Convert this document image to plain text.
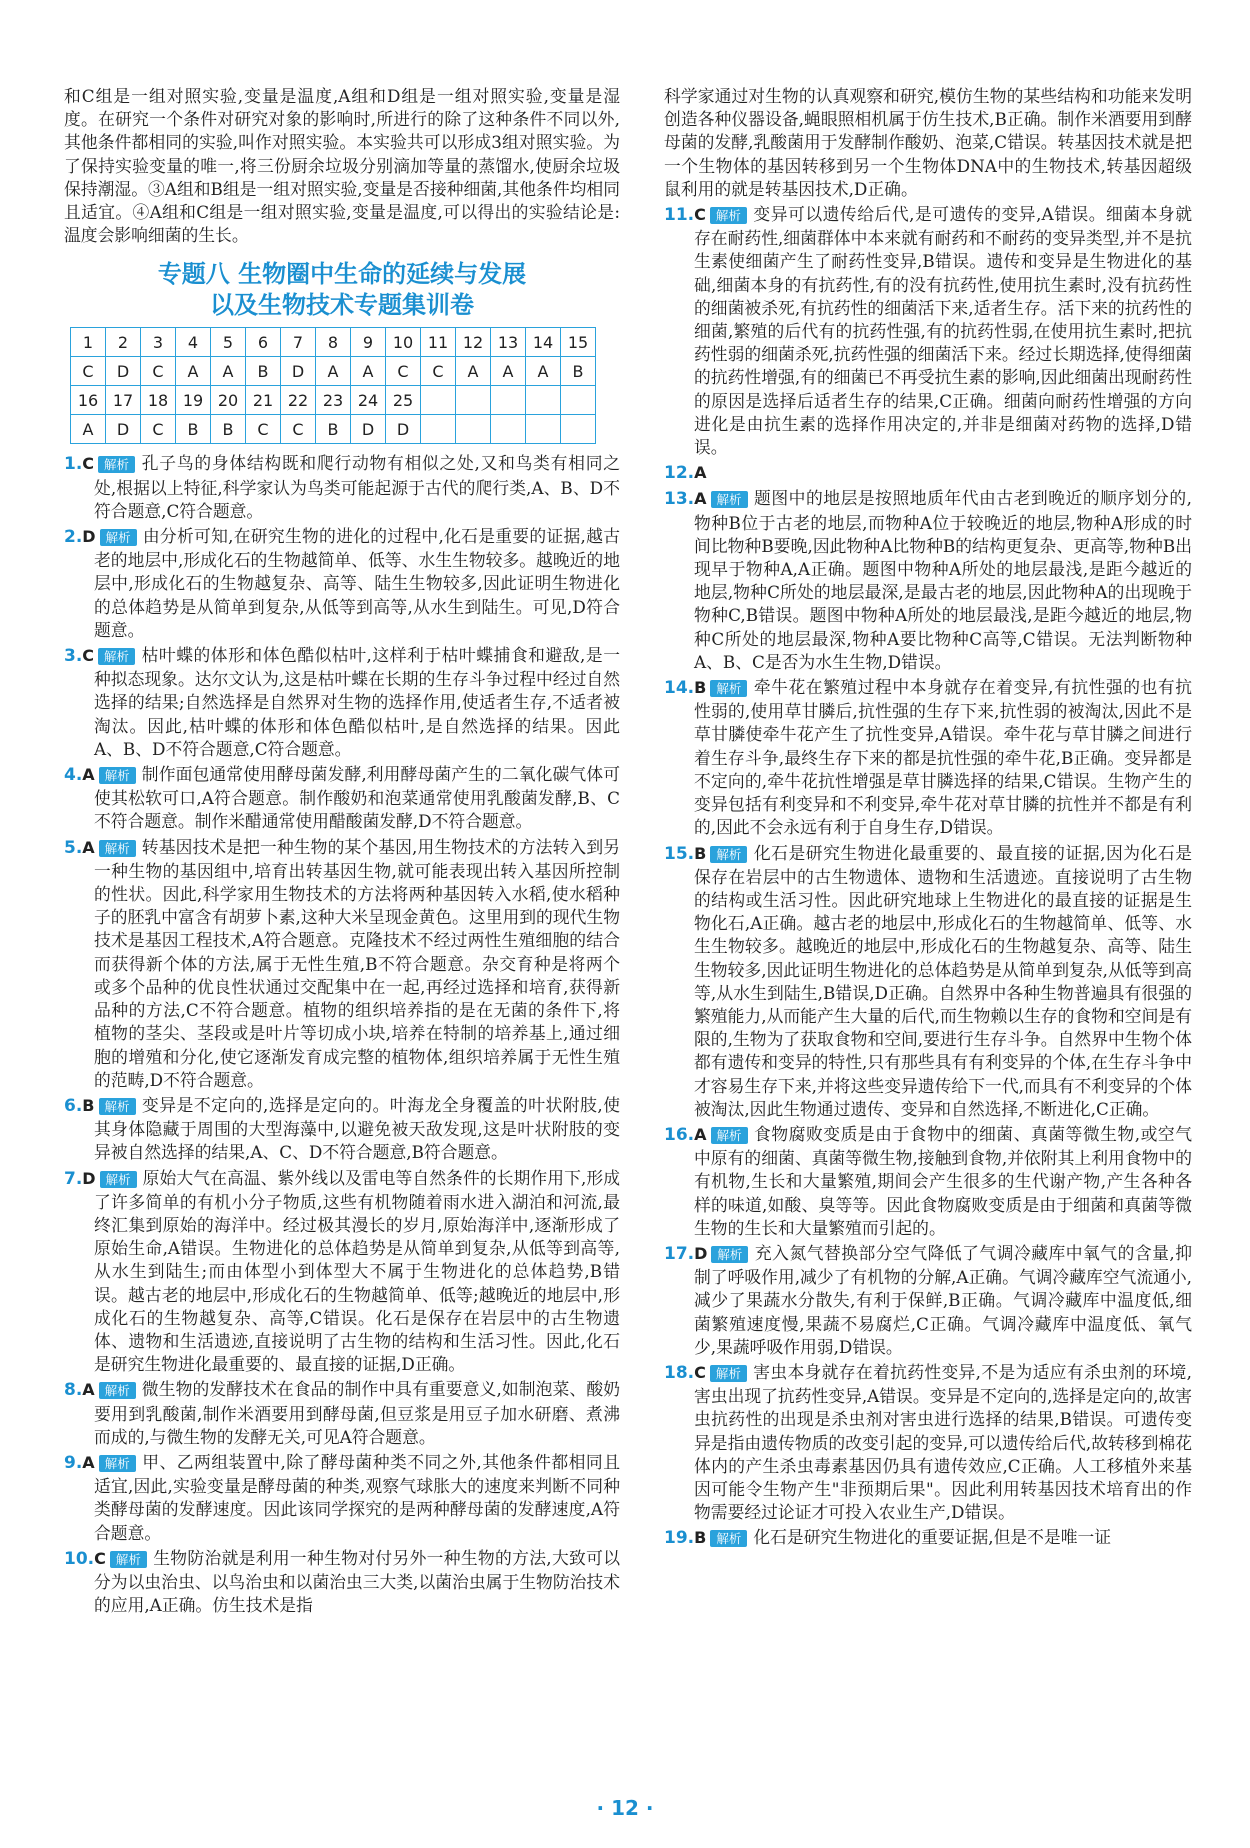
和C组是一组对照实验,变量是温度,A组和D组是一组对照实验,变量是湿度。在研究一个条件对研究对象的影响时,所进行的除了这种条件不同以外,其他条件都相同的实验,叫作对照实验。本实验共可以形成3组对照实验。为了保持实验变量的唯一,将三份厨余垃圾分别滴加等量的蒸馏水,使厨余垃圾保持潮湿。③A组和B组是一组对照实验,变量是否接种细菌,其他条件均相同且适宜。④A组和C组是一组对照实验,变量是温度,可以得出的实验结论是:温度会影响细菌的生长。

专题八 生物圈中生命的延续与发展
以及生物技术专题集训卷
1	2	3	4	5	6	7	8	9	10	11	12	13	14	15
C	D	C	A	A	B	D	A	A	C	C	A	A	A	B
16	17	18	19	20	21	22	23	24	25					
A	D	C	B	B	C	C	B	D	D					

1.C 解析 孔子鸟的身体结构既和爬行动物有相似之处,又和鸟类有相同之处,根据以上特征,科学家认为鸟类可能起源于古代的爬行类,A、B、D不符合题意,C符合题意。

2.D 解析 由分析可知,在研究生物的进化的过程中,化石是重要的证据,越古老的地层中,形成化石的生物越简单、低等、水生生物较多。越晚近的地层中,形成化石的生物越复杂、高等、陆生生物较多,因此证明生物进化的总体趋势是从简单到复杂,从低等到高等,从水生到陆生。可见,D符合题意。

3.C 解析 枯叶蝶的体形和体色酷似枯叶,这样利于枯叶蝶捕食和避敌,是一种拟态现象。达尔文认为,这是枯叶蝶在长期的生存斗争过程中经过自然选择的结果;自然选择是自然界对生物的选择作用,使适者生存,不适者被淘汰。因此,枯叶蝶的体形和体色酷似枯叶,是自然选择的结果。因此A、B、D不符合题意,C符合题意。

4.A 解析 制作面包通常使用酵母菌发酵,利用酵母菌产生的二氧化碳气体可使其松软可口,A符合题意。制作酸奶和泡菜通常使用乳酸菌发酵,B、C不符合题意。制作米醋通常使用醋酸菌发酵,D不符合题意。

5.A 解析 转基因技术是把一种生物的某个基因,用生物技术的方法转入到另一种生物的基因组中,培育出转基因生物,就可能表现出转入基因所控制的性状。因此,科学家用生物技术的方法将两种基因转入水稻,使水稻种子的胚乳中富含有胡萝卜素,这种大米呈现金黄色。这里用到的现代生物技术是基因工程技术,A符合题意。克隆技术不经过两性生殖细胞的结合而获得新个体的方法,属于无性生殖,B不符合题意。杂交育种是将两个或多个品种的优良性状通过交配集中在一起,再经过选择和培育,获得新品种的方法,C不符合题意。植物的组织培养指的是在无菌的条件下,将植物的茎尖、茎段或是叶片等切成小块,培养在特制的培养基上,通过细胞的增殖和分化,使它逐渐发育成完整的植物体,组织培养属于无性生殖的范畴,D不符合题意。

6.B 解析 变异是不定向的,选择是定向的。叶海龙全身覆盖的叶状附肢,使其身体隐藏于周围的大型海藻中,以避免被天敌发现,这是叶状附肢的变异被自然选择的结果,A、C、D不符合题意,B符合题意。

7.D 解析 原始大气在高温、紫外线以及雷电等自然条件的长期作用下,形成了许多简单的有机小分子物质,这些有机物随着雨水进入湖泊和河流,最终汇集到原始的海洋中。经过极其漫长的岁月,原始海洋中,逐渐形成了原始生命,A错误。生物进化的总体趋势是从简单到复杂,从低等到高等,从水生到陆生;而由体型小到体型大不属于生物进化的总体趋势,B错误。越古老的地层中,形成化石的生物越简单、低等;越晚近的地层中,形成化石的生物越复杂、高等,C错误。化石是保存在岩层中的古生物遗体、遗物和生活遗迹,直接说明了古生物的结构和生活习性。因此,化石是研究生物进化最重要的、最直接的证据,D正确。

8.A 解析 微生物的发酵技术在食品的制作中具有重要意义,如制泡菜、酸奶要用到乳酸菌,制作米酒要用到酵母菌,但豆浆是用豆子加水研磨、煮沸而成的,与微生物的发酵无关,可见A符合题意。

9.A 解析 甲、乙两组装置中,除了酵母菌种类不同之外,其他条件都相同且适宜,因此,实验变量是酵母菌的种类,观察气球胀大的速度来判断不同种类酵母菌的发酵速度。因此该同学探究的是两种酵母菌的发酵速度,A符合题意。

10.C 解析 生物防治就是利用一种生物对付另外一种生物的方法,大致可以分为以虫治虫、以鸟治虫和以菌治虫三大类,以菌治虫属于生物防治技术的应用,A正确。仿生技术是指

科学家通过对生物的认真观察和研究,模仿生物的某些结构和功能来发明创造各种仪器设备,蝇眼照相机属于仿生技术,B正确。制作米酒要用到酵母菌的发酵,乳酸菌用于发酵制作酸奶、泡菜,C错误。转基因技术就是把一个生物体的基因转移到另一个生物体DNA中的生物技术,转基因超级鼠利用的就是转基因技术,D正确。

11.C 解析 变异可以遗传给后代,是可遗传的变异,A错误。细菌本身就存在耐药性,细菌群体中本来就有耐药和不耐药的变异类型,并不是抗生素使细菌产生了耐药性变异,B错误。遗传和变异是生物进化的基础,细菌本身的有抗药性,有的没有抗药性,使用抗生素时,没有抗药性的细菌被杀死,有抗药性的细菌活下来,适者生存。活下来的抗药性的细菌,繁殖的后代有的抗药性强,有的抗药性弱,在使用抗生素时,把抗药性弱的细菌杀死,抗药性强的细菌活下来。经过长期选择,使得细菌的抗药性增强,有的细菌已不再受抗生素的影响,因此细菌出现耐药性的原因是选择后适者生存的结果,C正确。细菌向耐药性增强的方向进化是由抗生素的选择作用决定的,并非是细菌对药物的选择,D错误。

12.A

13.A 解析 题图中的地层是按照地质年代由古老到晚近的顺序划分的,物种B位于古老的地层,而物种A位于较晚近的地层,物种A形成的时间比物种B要晚,因此物种A比物种B的结构更复杂、更高等,物种B出现早于物种A,A正确。题图中物种A所处的地层最浅,是距今越近的地层,物种C所处的地层最深,是最古老的地层,因此物种A的出现晚于物种C,B错误。题图中物种A所处的地层最浅,是距今越近的地层,物种C所处的地层最深,物种A要比物种C高等,C错误。无法判断物种A、B、C是否为水生生物,D错误。

14.B 解析 牵牛花在繁殖过程中本身就存在着变异,有抗性强的也有抗性弱的,使用草甘膦后,抗性强的生存下来,抗性弱的被淘汰,因此不是草甘膦使牵牛花产生了抗性变异,A错误。牵牛花与草甘膦之间进行着生存斗争,最终生存下来的都是抗性强的牵牛花,B正确。变异都是不定向的,牵牛花抗性增强是草甘膦选择的结果,C错误。生物产生的变异包括有利变异和不利变异,牵牛花对草甘膦的抗性并不都是有利的,因此不会永远有利于自身生存,D错误。

15.B 解析 化石是研究生物进化最重要的、最直接的证据,因为化石是保存在岩层中的古生物遗体、遗物和生活遗迹。直接说明了古生物的结构或生活习性。因此研究地球上生物进化的最直接的证据是生物化石,A正确。越古老的地层中,形成化石的生物越简单、低等、水生生物较多。越晚近的地层中,形成化石的生物越复杂、高等、陆生生物较多,因此证明生物进化的总体趋势是从简单到复杂,从低等到高等,从水生到陆生,B错误,D正确。自然界中各种生物普遍具有很强的繁殖能力,从而能产生大量的后代,而生物赖以生存的食物和空间是有限的,生物为了获取食物和空间,要进行生存斗争。自然界中生物个体都有遗传和变异的特性,只有那些具有有利变异的个体,在生存斗争中才容易生存下来,并将这些变异遗传给下一代,而具有不利变异的个体被淘汰,因此生物通过遗传、变异和自然选择,不断进化,C正确。

16.A 解析 食物腐败变质是由于食物中的细菌、真菌等微生物,或空气中原有的细菌、真菌等微生物,接触到食物,并依附其上利用食物中的有机物,生长和大量繁殖,期间会产生很多的生代谢产物,产生各种各样的味道,如酸、臭等等。因此食物腐败变质是由于细菌和真菌等微生物的生长和大量繁殖而引起的。

17.D 解析 充入氮气替换部分空气降低了气调冷藏库中氧气的含量,抑制了呼吸作用,减少了有机物的分解,A正确。气调冷藏库空气流通小,减少了果蔬水分散失,有利于保鲜,B正确。气调冷藏库中温度低,细菌繁殖速度慢,果蔬不易腐烂,C正确。气调冷藏库中温度低、氧气少,果蔬呼吸作用弱,D错误。

18.C 解析 害虫本身就存在着抗药性变异,不是为适应有杀虫剂的环境,害虫出现了抗药性变异,A错误。变异是不定向的,选择是定向的,故害虫抗药性的出现是杀虫剂对害虫进行选择的结果,B错误。可遗传变异是指由遗传物质的改变引起的变异,可以遗传给后代,故转移到棉花体内的产生杀虫毒素基因仍具有遗传效应,C正确。人工移植外来基因可能令生物产生"非预期后果"。因此利用转基因技术培育出的作物需要经过论证才可投入农业生产,D错误。

19.B 解析 化石是研究生物进化的重要证据,但是不是唯一证

· 12 ·
